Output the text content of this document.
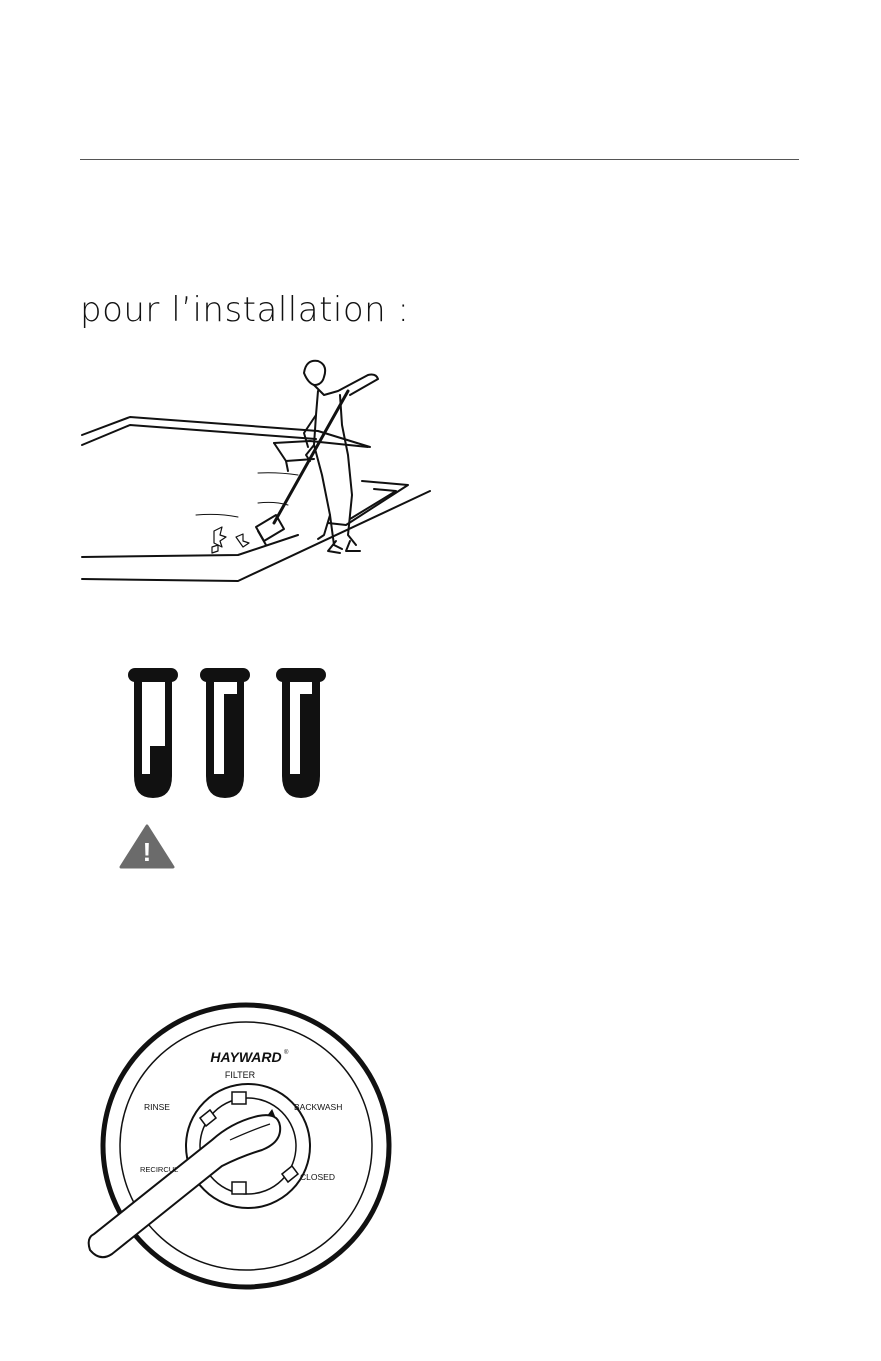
pour l’installation :
!
HAYWARD ®
FILTER
RINSE	BACKWASH
RECIRCUL
CLOSED
